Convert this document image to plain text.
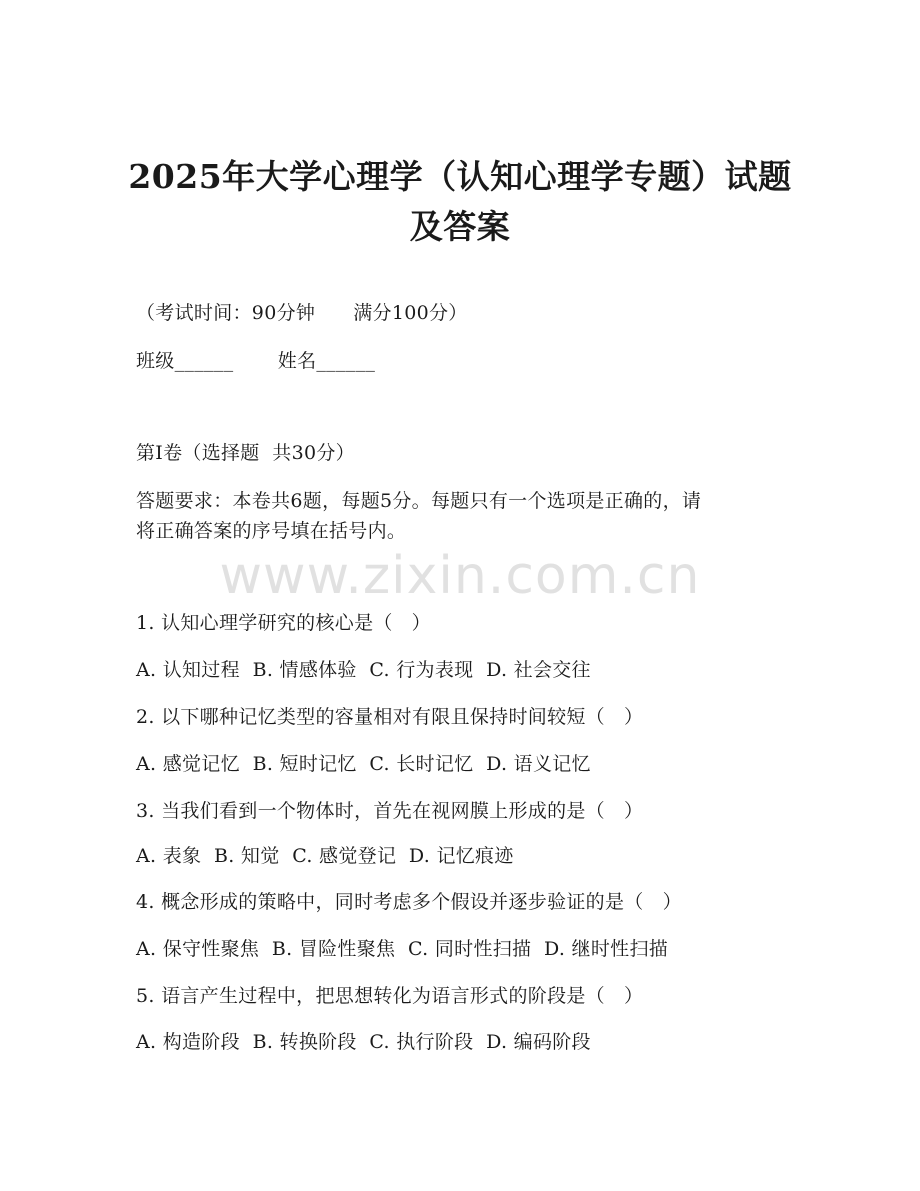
2025年大学心理学（认知心理学专题）试题
及答案
（考试时间：90分钟      满分100分）
班级______       姓名______
第I卷（选择题  共30分）
答题要求：本卷共6题，每题5分。每题只有一个选项是正确的，请
将正确答案的序号填在括号内。
www.zixin.com.cn
1. 认知心理学研究的核心是（   ）
A. 认知过程  B. 情感体验  C. 行为表现  D. 社会交往
2. 以下哪种记忆类型的容量相对有限且保持时间较短（   ）
A. 感觉记忆  B. 短时记忆  C. 长时记忆  D. 语义记忆
3. 当我们看到一个物体时，首先在视网膜上形成的是（   ）
A. 表象  B. 知觉  C. 感觉登记  D. 记忆痕迹
4. 概念形成的策略中，同时考虑多个假设并逐步验证的是（   ）
A. 保守性聚焦  B. 冒险性聚焦  C. 同时性扫描  D. 继时性扫描
5. 语言产生过程中，把思想转化为语言形式的阶段是（   ）
A. 构造阶段  B. 转换阶段  C. 执行阶段  D. 编码阶段
